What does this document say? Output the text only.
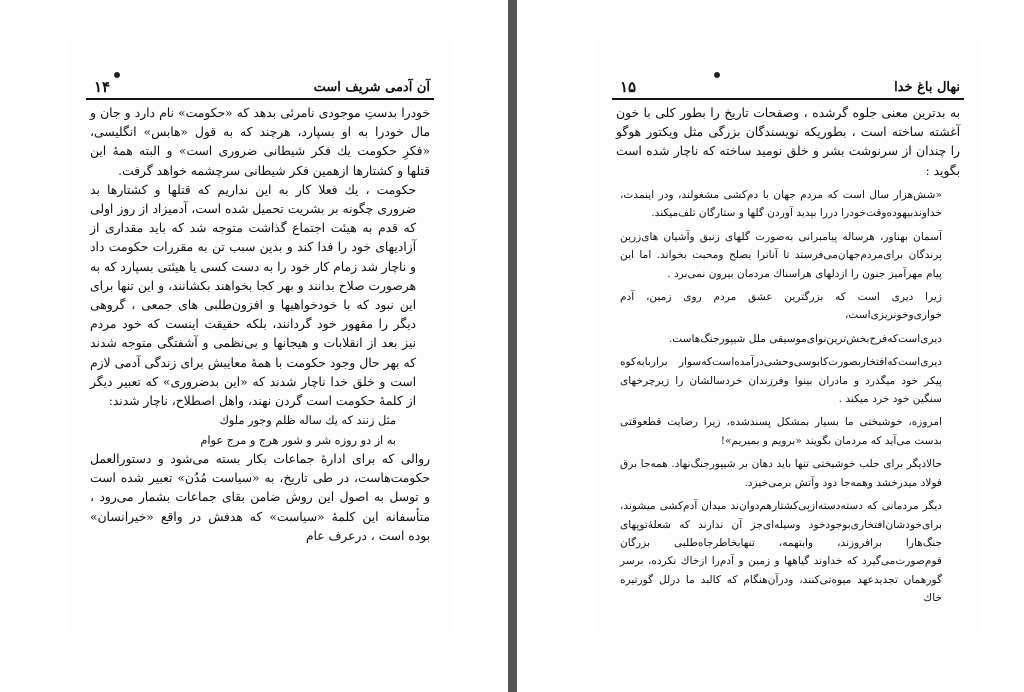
آن آدمی شریف است
۱۴

خودرا بدستِ موجودی نامرئی بدهد که «حکومت» نام دارد و جان و مال خودرا به او بسپارد، هرچند که به قول «هابس» انگلیسی، «فکرِ حکومت یك فکر شیطانی ضروری است» و البته همهٔ این قتلها و کشتارها ازهمین فکر شیطانی سرچشمه خواهد گرفت.

حکومت ، یك فعلا کار به این نداریم که قتلها و کشتارها بد ضروری چگونه بر بشریت تحمیل شده است، آدمیزاد از روز اولی که قدم به هیئت اجتماع گذاشت متوجه شد که باید مقداری از آزادیهای خود را فدا کند و بدین سبب تن به مقررات حکومت داد و ناچار شد زمام کار خود را به دست کسی یا هیئتی بسپارد که به هرصورت صلاح بدانند و بهر کجا بخواهند بکشانند، و این تنها برای این نبود که با خودخواهیها و افزون‌طلبی های جمعی ، گروهی دیگر را مقهور خود گردانند، بلکه حقیقت اینست که خود مردم نیز بعد از انقلابات و هیجانها و بی‌نظمی و آشفتگی متوجه شدند که بهر حال وجود حکومت با همهٔ معایبش برای زندگی آدمی لازم است و خلق خدا ناچار شدند که «این بدضروری» که تعبیر دیگر از کلمهٔ حکومت است گردن نهند، واهل اصطلاح، ناچار شدند:

مثل زنند که یك ساله ظلم وجور ملوك

به از دو روزه شر و شور هرج و مرج عوام

روالی که برای ادارهٔ جماعات بکار بسته می‌شود و دستورالعمل حکومت‌هاست، در طی تاریخ، به «سیاست مُدُن» تعبیر شده است و توسل به اصول این روش ضامن بقای جماعات بشمار می‌رود ، متأسفانه این کلمهٔ «سیاست» که هدفش در واقع «خیرانسان» بوده است ، درعرف عام

نهال باغ خدا
۱۵

به بدترین معنی جلوه گرشده ، وصفحات تاریخ را بطور کلی با خون آغشته ساخته است ، بطوریکه نویسندگان بزرگی مثل ویکتور هوگو را چندان از سرنوشت بشر و خلق نومید ساخته که ناچار شده است بگوید :

«شش‌هزار سال است که مردم جهان با دم‌کشی مشغولند، ودر اینمدت، خداوندبیهوده‌وقت‌خودرا دررا بپدید آوردن گلها و ستارگان تلف‌میکند.

آسمان بهناور، هرساله پیامبرانی به‌صورت گلهای زنبق وآشیان های‌زرین پرندگان برای‌مردم‌جهان‌می‌فرستد تا آنانرا بصلح ومحبت بخواند. اما این پیام مهرآمیز جنون را ازدلهای هراسناك مردمان بیرون نمی‌برد .

زیرا دیری است که بزرگترین عشق مردم روی زمین، آدم خواری‌و‌خونریزی‌است،

دیری‌است‌که‌فرح‌بخش‌ترین‌نوای‌موسیقی ملل شیپورجنگ‌هاست.

دیری‌است‌که‌افتخار‌بصورت‌کابوسی‌وحشی‌درآمده‌است‌که‌سوار براربابه‌کوه پیکر خود میگذرد و مادران بینوا وفرزندان خردسالشان را زیرچرخهای سنگین خود خرد میکند .

امروزه، خوشبختی ما بسیار بمشکل پسندشده، زیرا رضایت قطعوقتی بدست می‌آید که مردمان بگویند «برویم و بمیریم»!

حالادیگر برای جلب خوشبختی تنها باید دهان بر شیپورجنگ‌نهاد. همه‌جا برق فولاد میدرخشد وهمه‌جا دود وآتش برمی‌خیزد.

دیگر مردمانی که دسته‌دسته‌ازپی‌کشتارهم‌دوان‌ند میدان آدم‌کشی میشوند، برای‌خودشان‌افتخاری‌بوجودخود وسیله‌ای‌جز آن ندارند که شعلهٔ‌توپهای جنگ‌هارا برافروزند، وابتهمه، تنها‌بخاطر‌جاه‌طلبی بزرگان قوم‌صورت‌می‌گیرد که خداوند گیاهها و زمین و آدم‌را ازخاك‌ نکرده، برسر گورهمان تجدیدعهد میوه‌تی‌کنند، ودرآن‌هنگام که کالبد ما درلل گورتیره خاك
